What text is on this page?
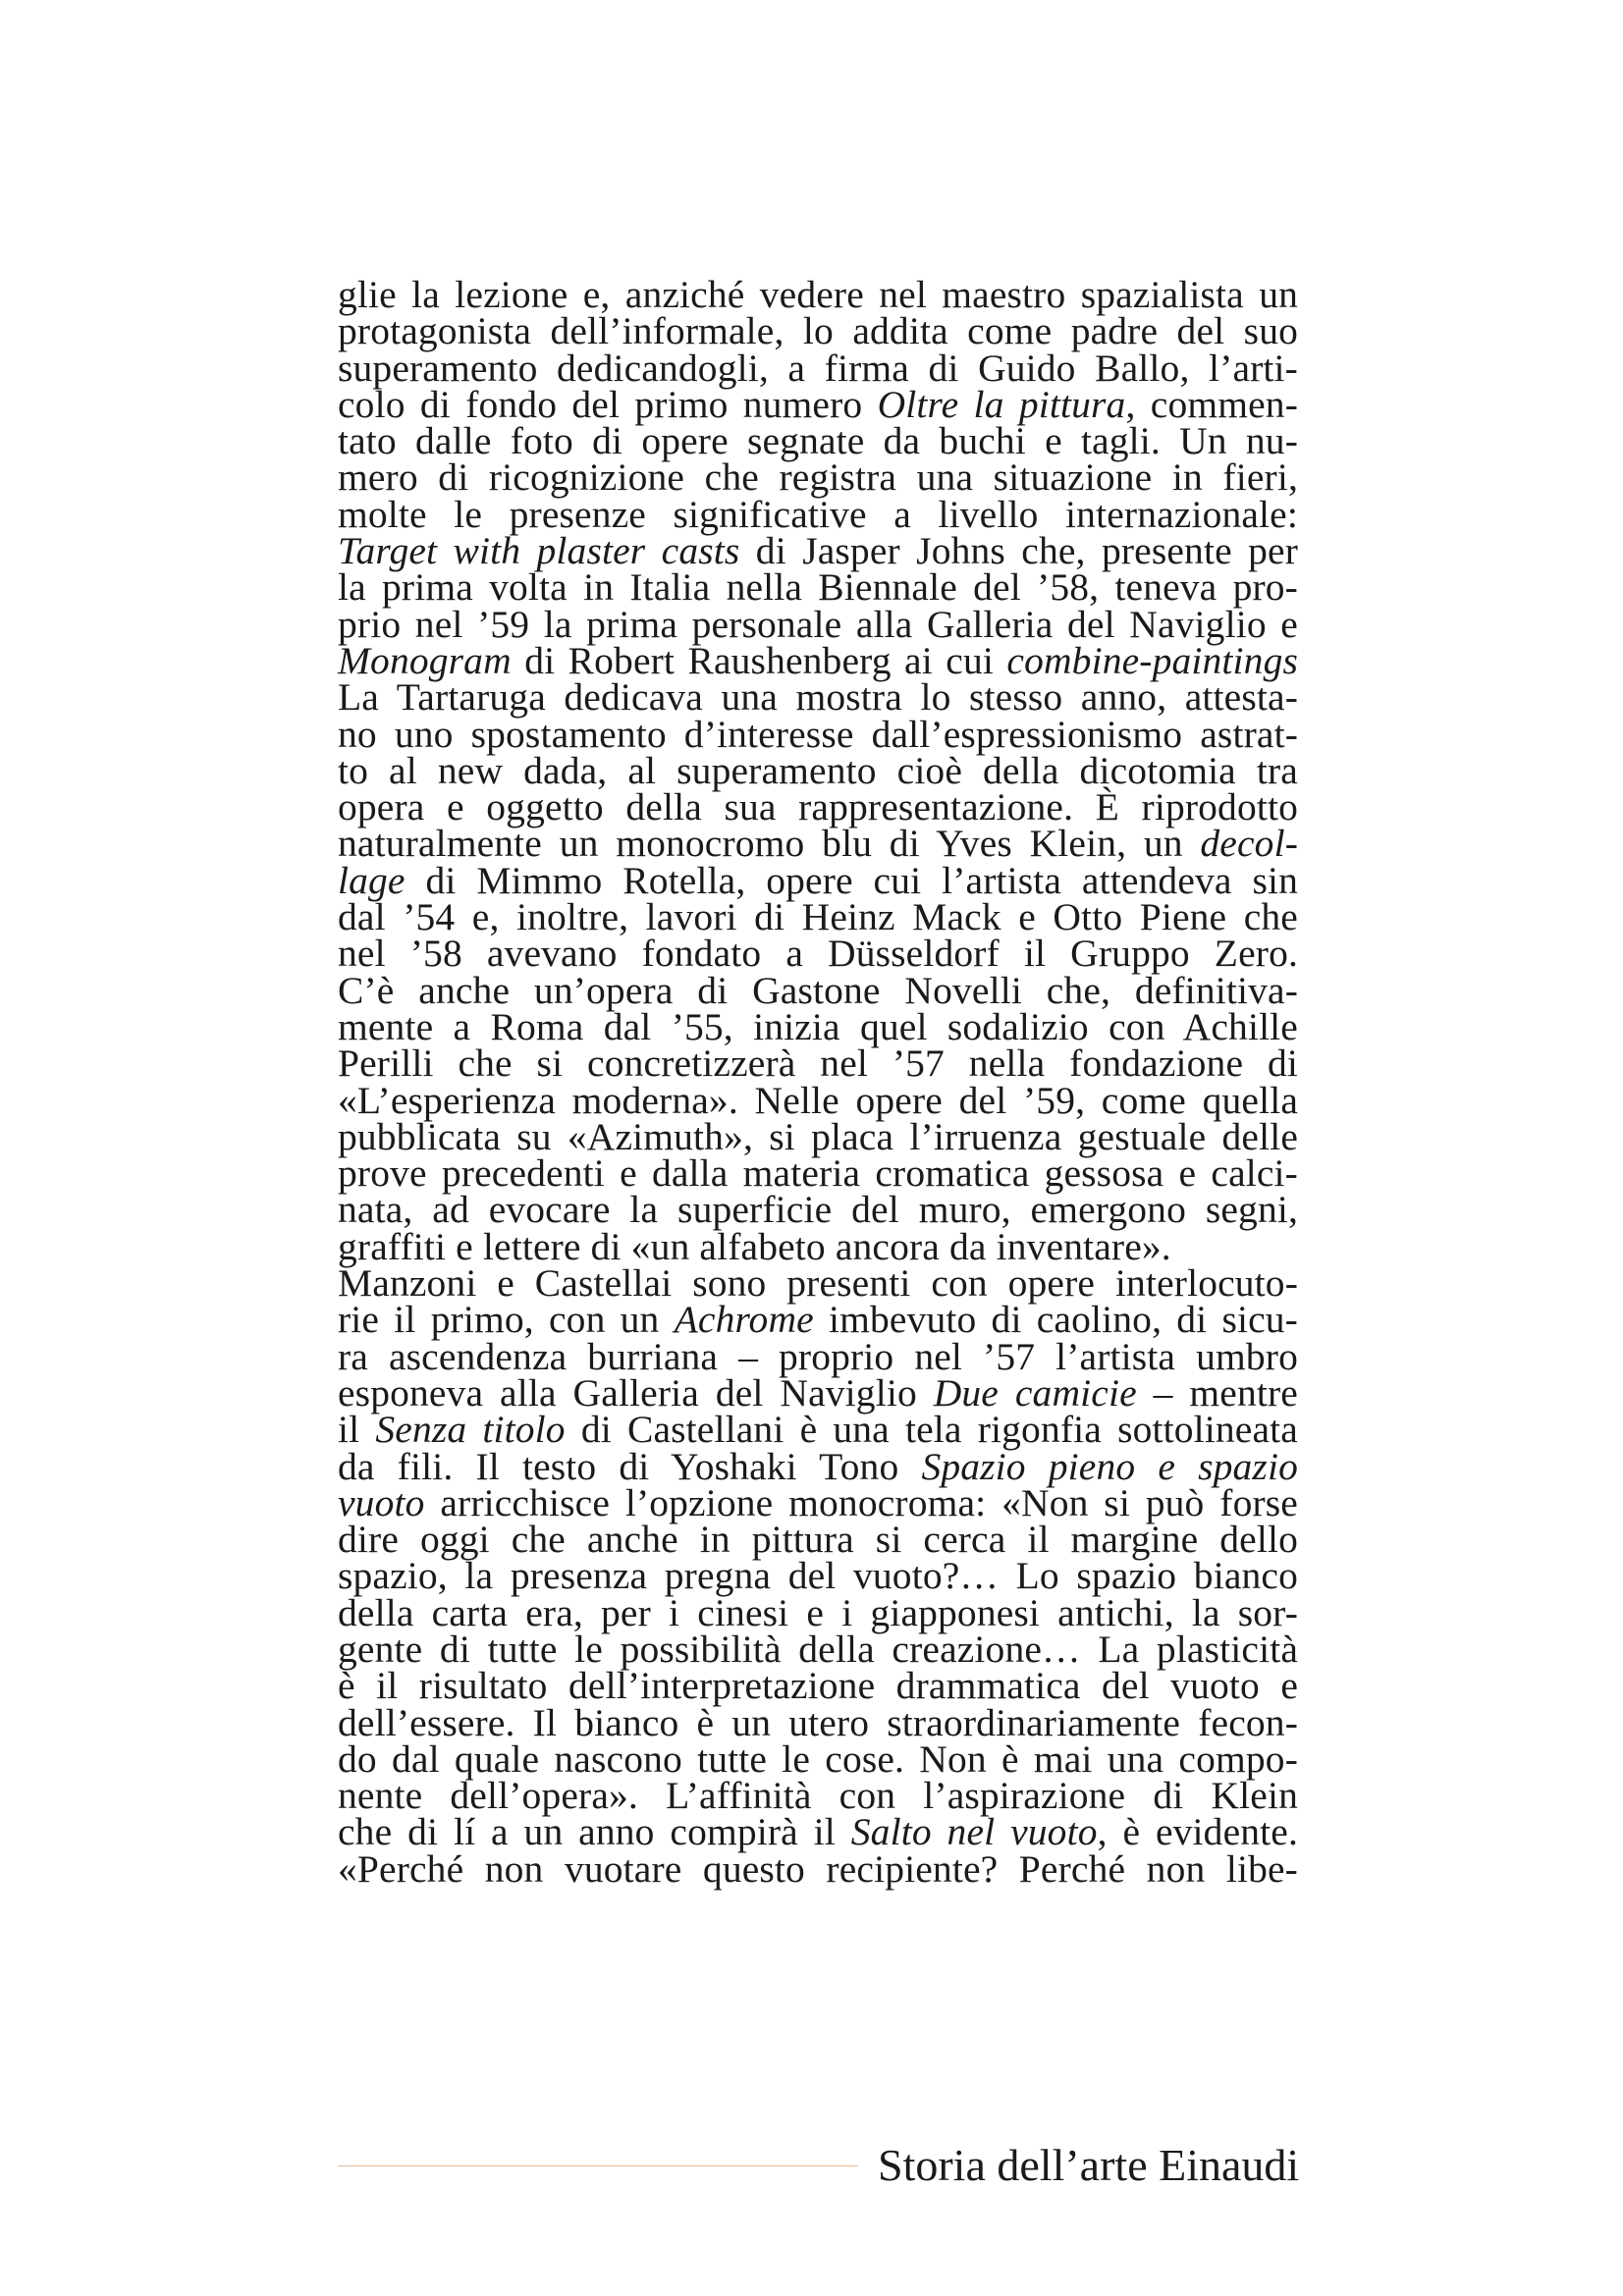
glie la lezione e, anziché vedere nel maestro spazialista un
protagonista dell’informale, lo addita come padre del suo
superamento dedicandogli, a firma di Guido Ballo, l’arti-
colo di fondo del primo numero Oltre la pittura, commen-
tato dalle foto di opere segnate da buchi e tagli. Un nu-
mero di ricognizione che registra una situazione in fieri,
molte le presenze significative a livello internazionale:
Target with plaster casts di Jasper Johns che, presente per
la prima volta in Italia nella Biennale del ’58, teneva pro-
prio nel ’59 la prima personale alla Galleria del Naviglio e
Monogram di Robert Raushenberg ai cui combine-paintings
La Tartaruga dedicava una mostra lo stesso anno, attesta-
no uno spostamento d’interesse dall’espressionismo astrat-
to al new dada, al superamento cioè della dicotomia tra
opera e oggetto della sua rappresentazione. È riprodotto
naturalmente un monocromo blu di Yves Klein, un decol-
lage di Mimmo Rotella, opere cui l’artista attendeva sin
dal ’54 e, inoltre, lavori di Heinz Mack e Otto Piene che
nel ’58 avevano fondato a Düsseldorf il Gruppo Zero.
C’è anche un’opera di Gastone Novelli che, definitiva-
mente a Roma dal ’55, inizia quel sodalizio con Achille
Perilli che si concretizzerà nel ’57 nella fondazione di
«L’esperienza moderna». Nelle opere del ’59, come quella
pubblicata su «Azimuth», si placa l’irruenza gestuale delle
prove precedenti e dalla materia cromatica gessosa e calci-
nata, ad evocare la superficie del muro, emergono segni,
graffiti e lettere di «un alfabeto ancora da inventare».
Manzoni e Castellai sono presenti con opere interlocuto-
rie il primo, con un Achrome imbevuto di caolino, di sicu-
ra ascendenza burriana – proprio nel ’57 l’artista umbro
esponeva alla Galleria del Naviglio Due camicie – mentre
il Senza titolo di Castellani è una tela rigonfia sottolineata
da fili. Il testo di Yoshaki Tono Spazio pieno e spazio
vuoto arricchisce l’opzione monocroma: «Non si può forse
dire oggi che anche in pittura si cerca il margine dello
spazio, la presenza pregna del vuoto?… Lo spazio bianco
della carta era, per i cinesi e i giapponesi antichi, la sor-
gente di tutte le possibilità della creazione… La plasticità
è il risultato dell’interpretazione drammatica del vuoto e
dell’essere. Il bianco è un utero straordinariamente fecon-
do dal quale nascono tutte le cose. Non è mai una compo-
nente dell’opera». L’affinità con l’aspirazione di Klein
che di lí a un anno compirà il Salto nel vuoto, è evidente.
«Perché non vuotare questo recipiente? Perché non libe-
Storia dell’arte Einaudi
